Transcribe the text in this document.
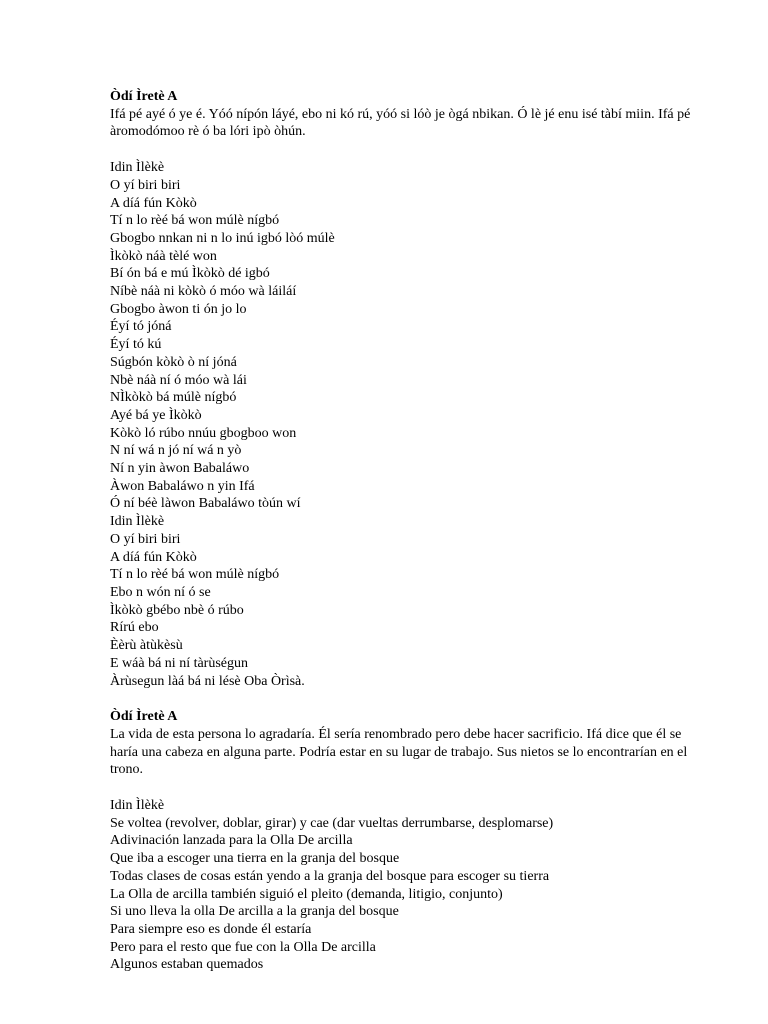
Òdí Ìretè A

Ifá pé ayé ó ye é. Yóó nípón láyé, ebo ni kó rú, yóó si lóò je ògá nbikan. Ó lè jé enu isé tàbí miin. Ifá pé àromodómoo rè ó ba lóri ipò òhún.

Idin Ìlèkè

O yí biri biri

A díá fún Kòkò

Tí n lo rèé bá won múlè nígbó

Gbogbo nnkan ni n lo inú igbó lòó múlè

Ìkòkò náà tèlé won

Bí ón bá e mú Ìkòkò dé igbó

Níbè náà ni kòkò ó móo wà láiláí

Gbogbo àwon ti ón jo lo

Éyí tó jóná

Éyí tó kú

Súgbón kòkò ò ní jóná

Nbè náà ní ó móo wà lái

NÌkòkò bá múlè nígbó

Ayé bá ye Ìkòkò

Kòkò ló rúbo nnúu gbogboo won

N ní wá n jó ní wá n yò

Ní n yin àwon Babaláwo

Àwon Babaláwo n yin Ifá

Ó ní béè làwon Babaláwo tòún wí

Idin Ìlèkè

O yí biri biri

A díá fún Kòkò

Tí n lo rèé bá won múlè nígbó

Ebo n wón ní ó se

Ìkòkò gbébo nbè ó rúbo

Rírú ebo

Èèrù àtùkèsù

E wáà bá ni ní tàrùségun

Àrùsegun làá bá ni lésè Oba Òrìsà.

Òdí Ìretè A

La vida de esta persona lo agradaría. Él sería renombrado pero debe hacer sacrificio. Ifá dice que él se haría una cabeza en alguna parte. Podría estar en su lugar de trabajo. Sus nietos se lo encontrarían en el trono.

Idin Ìlèkè

Se voltea (revolver, doblar, girar) y cae (dar vueltas derrumbarse, desplomarse)

Adivinación lanzada para la Olla De arcilla

Que iba a escoger una tierra en la granja del bosque

Todas clases de cosas están yendo a la granja del bosque para escoger su tierra

La Olla de arcilla también siguió el pleito (demanda, litigio, conjunto)

Si uno lleva la olla De arcilla a la granja del bosque

Para siempre eso es donde él estaría

Pero para el resto que fue con la Olla De arcilla

Algunos estaban quemados
